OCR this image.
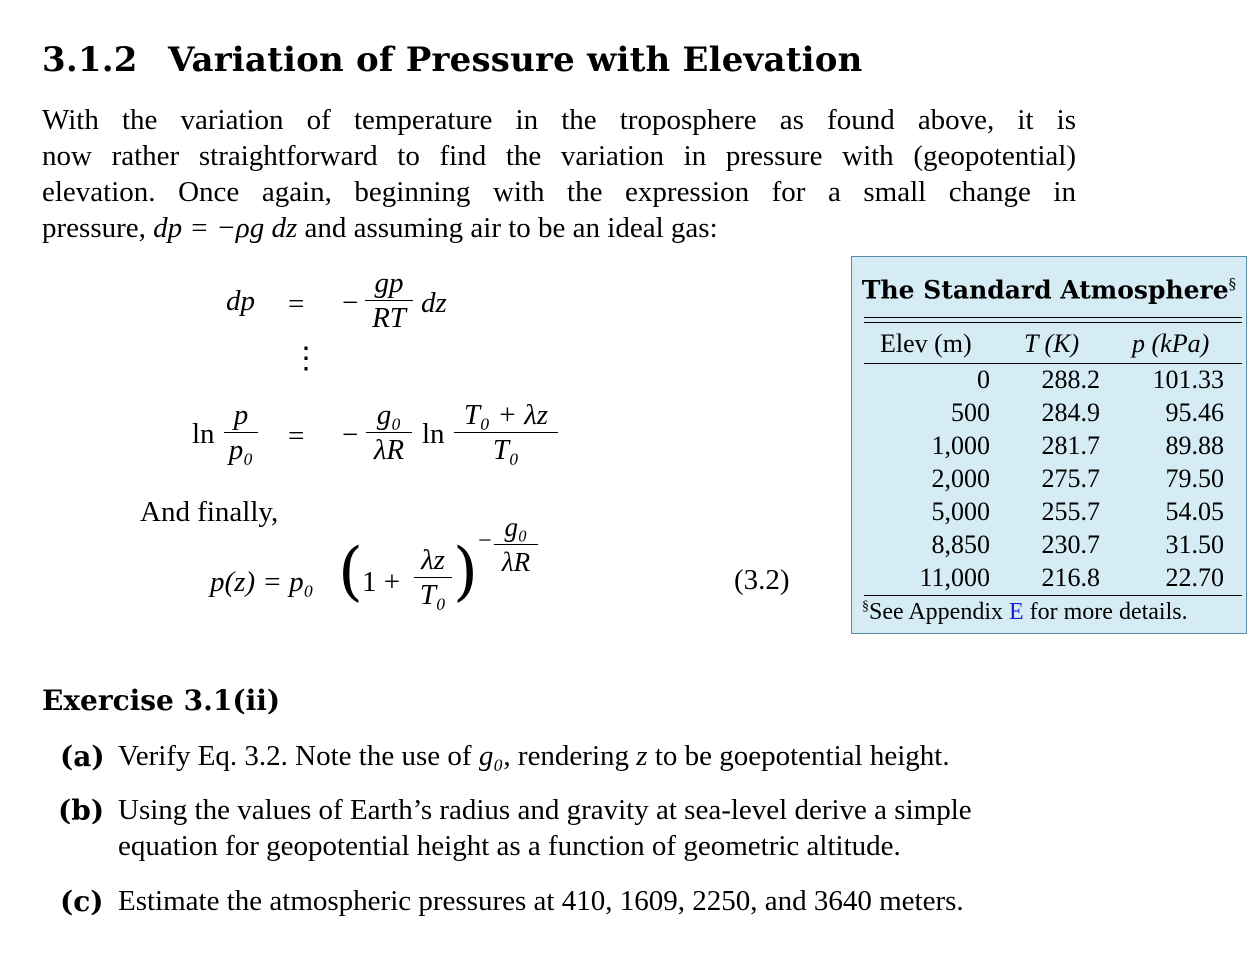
3.1.2 Variation of Pressure with Elevation
With the variation of temperature in the troposphere as found above, it is
now rather straightforward to find the variation in pressure with (geopotential)
elevation. Once again, beginning with the expression for a small change in
pressure, dp = −ρg dz and assuming air to be an ideal gas:
dp = −
gp
RT dz
⋮
ln
p
p₀ = −
g₀
λR ln
T₀ + λz
T₀
And finally,
p(z) = p₀ ( 1 +
λz
T₀ ) − g₀
λR
(3.2)
The Standard Atmosphere§
Elev (m)	T (K)	p (kPa)
0 288.2 101.33
500 284.9	95.46
1,000 281.7	89.88
2,000 275.7	79.50
5,000 255.7	54.05
8,850 230.7	31.50
11,000 216.8	22.70
§See Appendix E for more details.
Exercise 3.1(ii)
(a) Verify Eq. 3.2. Note the use of g₀, rendering z to be goepotential height.
(b) Using the values of Earth’s radius and gravity at sea-level derive a simple
equation for geopotential height as a function of geometric altitude.
(c) Estimate the atmospheric pressures at 410, 1609, 2250, and 3640 meters.
